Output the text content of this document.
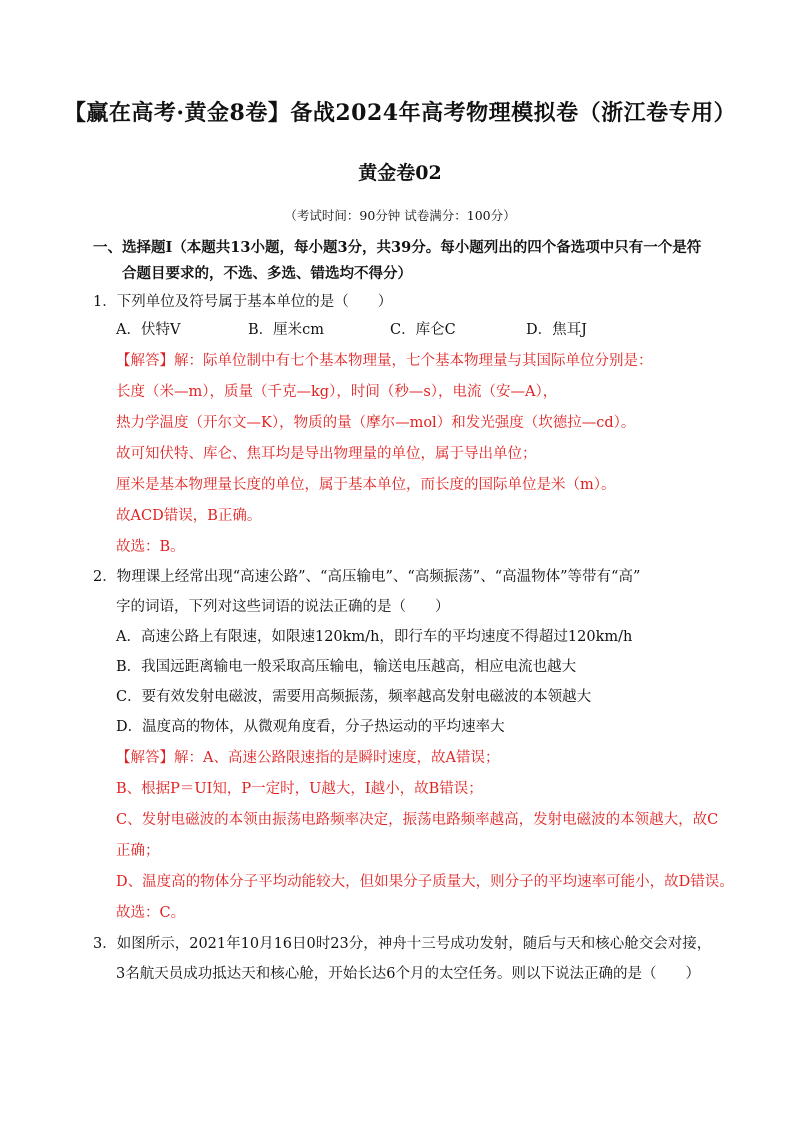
【赢在高考·黄金8卷】备战2024年高考物理模拟卷（浙江卷专用）
黄金卷02
（考试时间：90分钟 试卷满分：100分）
一、选择题Ⅰ（本题共13小题，每小题3分，共39分。每小题列出的四个备选项中只有一个是符
合题目要求的，不选、多选、错选均不得分）
1．下列单位及符号属于基本单位的是（　　）
A．伏特V	B．厘米cm	C．库仑C	D．焦耳J
【解答】解：际单位制中有七个基本物理量，七个基本物理量与其国际单位分别是：
长度（米—m），质量（千克—kg），时间（秒—s），电流（安—A），
热力学温度（开尔文—K），物质的量（摩尔—mol）和发光强度（坎德拉—cd）。
故可知伏特、库仑、焦耳均是导出物理量的单位，属于导出单位；
厘米是基本物理量长度的单位，属于基本单位，而长度的国际单位是米（m）。
故ACD错误，B正确。
故选：B。
2．物理课上经常出现“高速公路”、“高压输电”、“高频振荡”、“高温物体”等带有“高”
字的词语，下列对这些词语的说法正确的是（　　）
A．高速公路上有限速，如限速120km/h，即行车的平均速度不得超过120km/h
B．我国远距离输电一般采取高压输电，输送电压越高，相应电流也越大
C．要有效发射电磁波，需要用高频振荡，频率越高发射电磁波的本领越大
D．温度高的物体，从微观角度看，分子热运动的平均速率大
【解答】解：A、高速公路限速指的是瞬时速度，故A错误；
B、根据P＝UI知，P一定时，U越大，I越小，故B错误；
C、发射电磁波的本领由振荡电路频率决定，振荡电路频率越高，发射电磁波的本领越大，故C
正确；
D、温度高的物体分子平均动能较大，但如果分子质量大，则分子的平均速率可能小，故D错误。
故选：C。
3．如图所示，2021年10月16日0时23分，神舟十三号成功发射，随后与天和核心舱交会对接，
3名航天员成功抵达天和核心舱，开始长达6个月的太空任务。则以下说法正确的是（　　）
